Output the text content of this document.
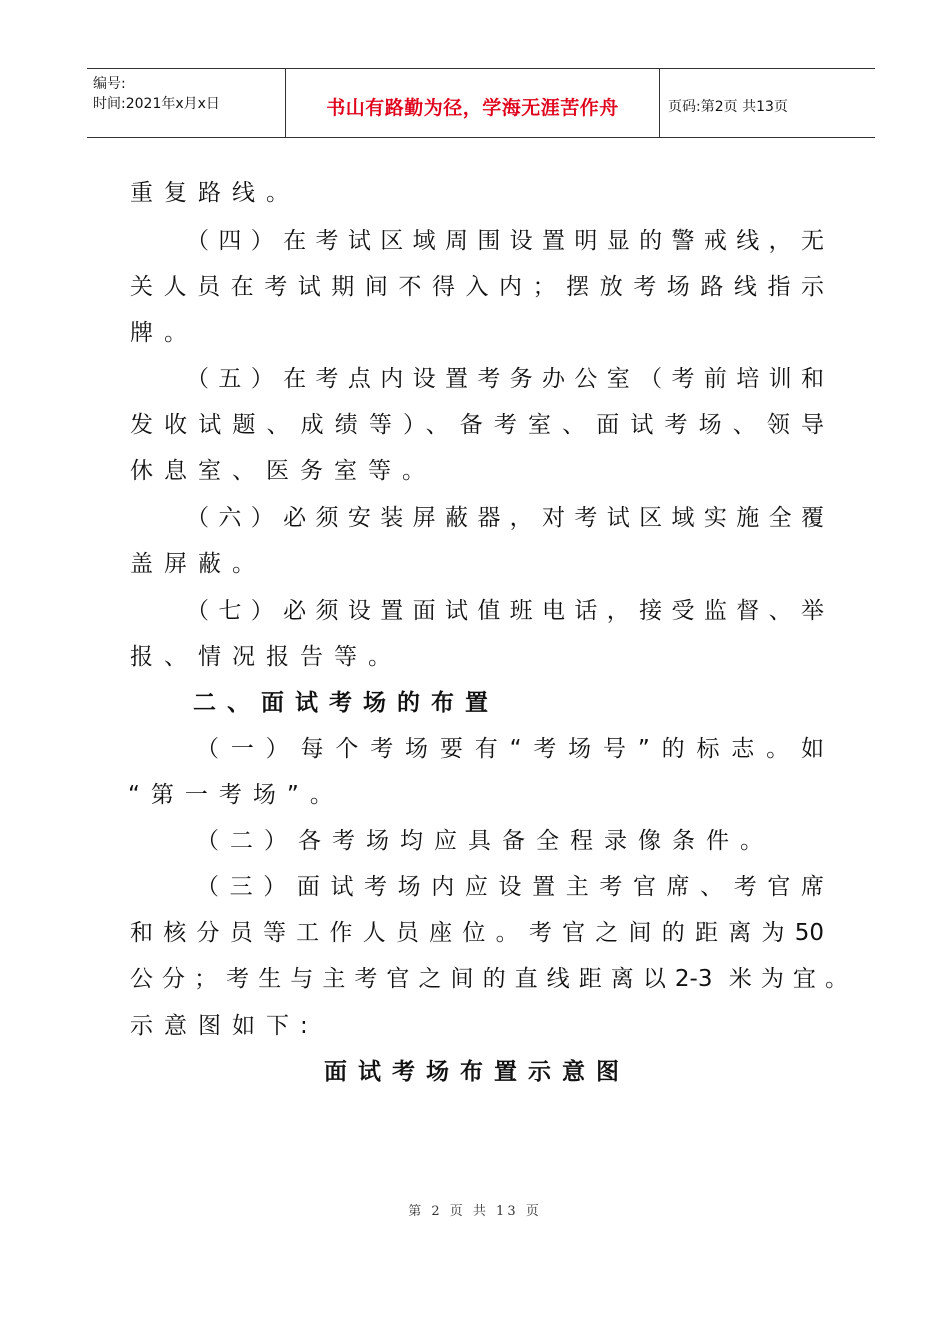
编号:
时间:2021年x月x日	书山有路勤为径，学海无涯苦作舟	页码:第2页 共13页
重复路线。
（四）在考试区域周围设置明显的警戒线，无
关人员在考试期间不得入内；摆放考场路线指示
牌。
（五）在考点内设置考务办公室（考前培训和
发收试题、成绩等）、备考室、面试考场、领导
休息室、医务室等。
（六）必须安装屏蔽器，对考试区域实施全覆
盖屏蔽。
（七）必须设置面试值班电话，接受监督、举
报、情况报告等。
二、面试考场的布置
（一）每个考场要有“考场号”的标志。如
“第一考场”。
（二）各考场均应具备全程录像条件。
（三）面试考场内应设置主考官席、考官席
和核分员等工作人员座位。考官之间的距离为50
公分；考生与主考官之间的直线距离以2-3 米为宜。
示意图如下:
面试考场布置示意图
第 2 页 共 13 页
